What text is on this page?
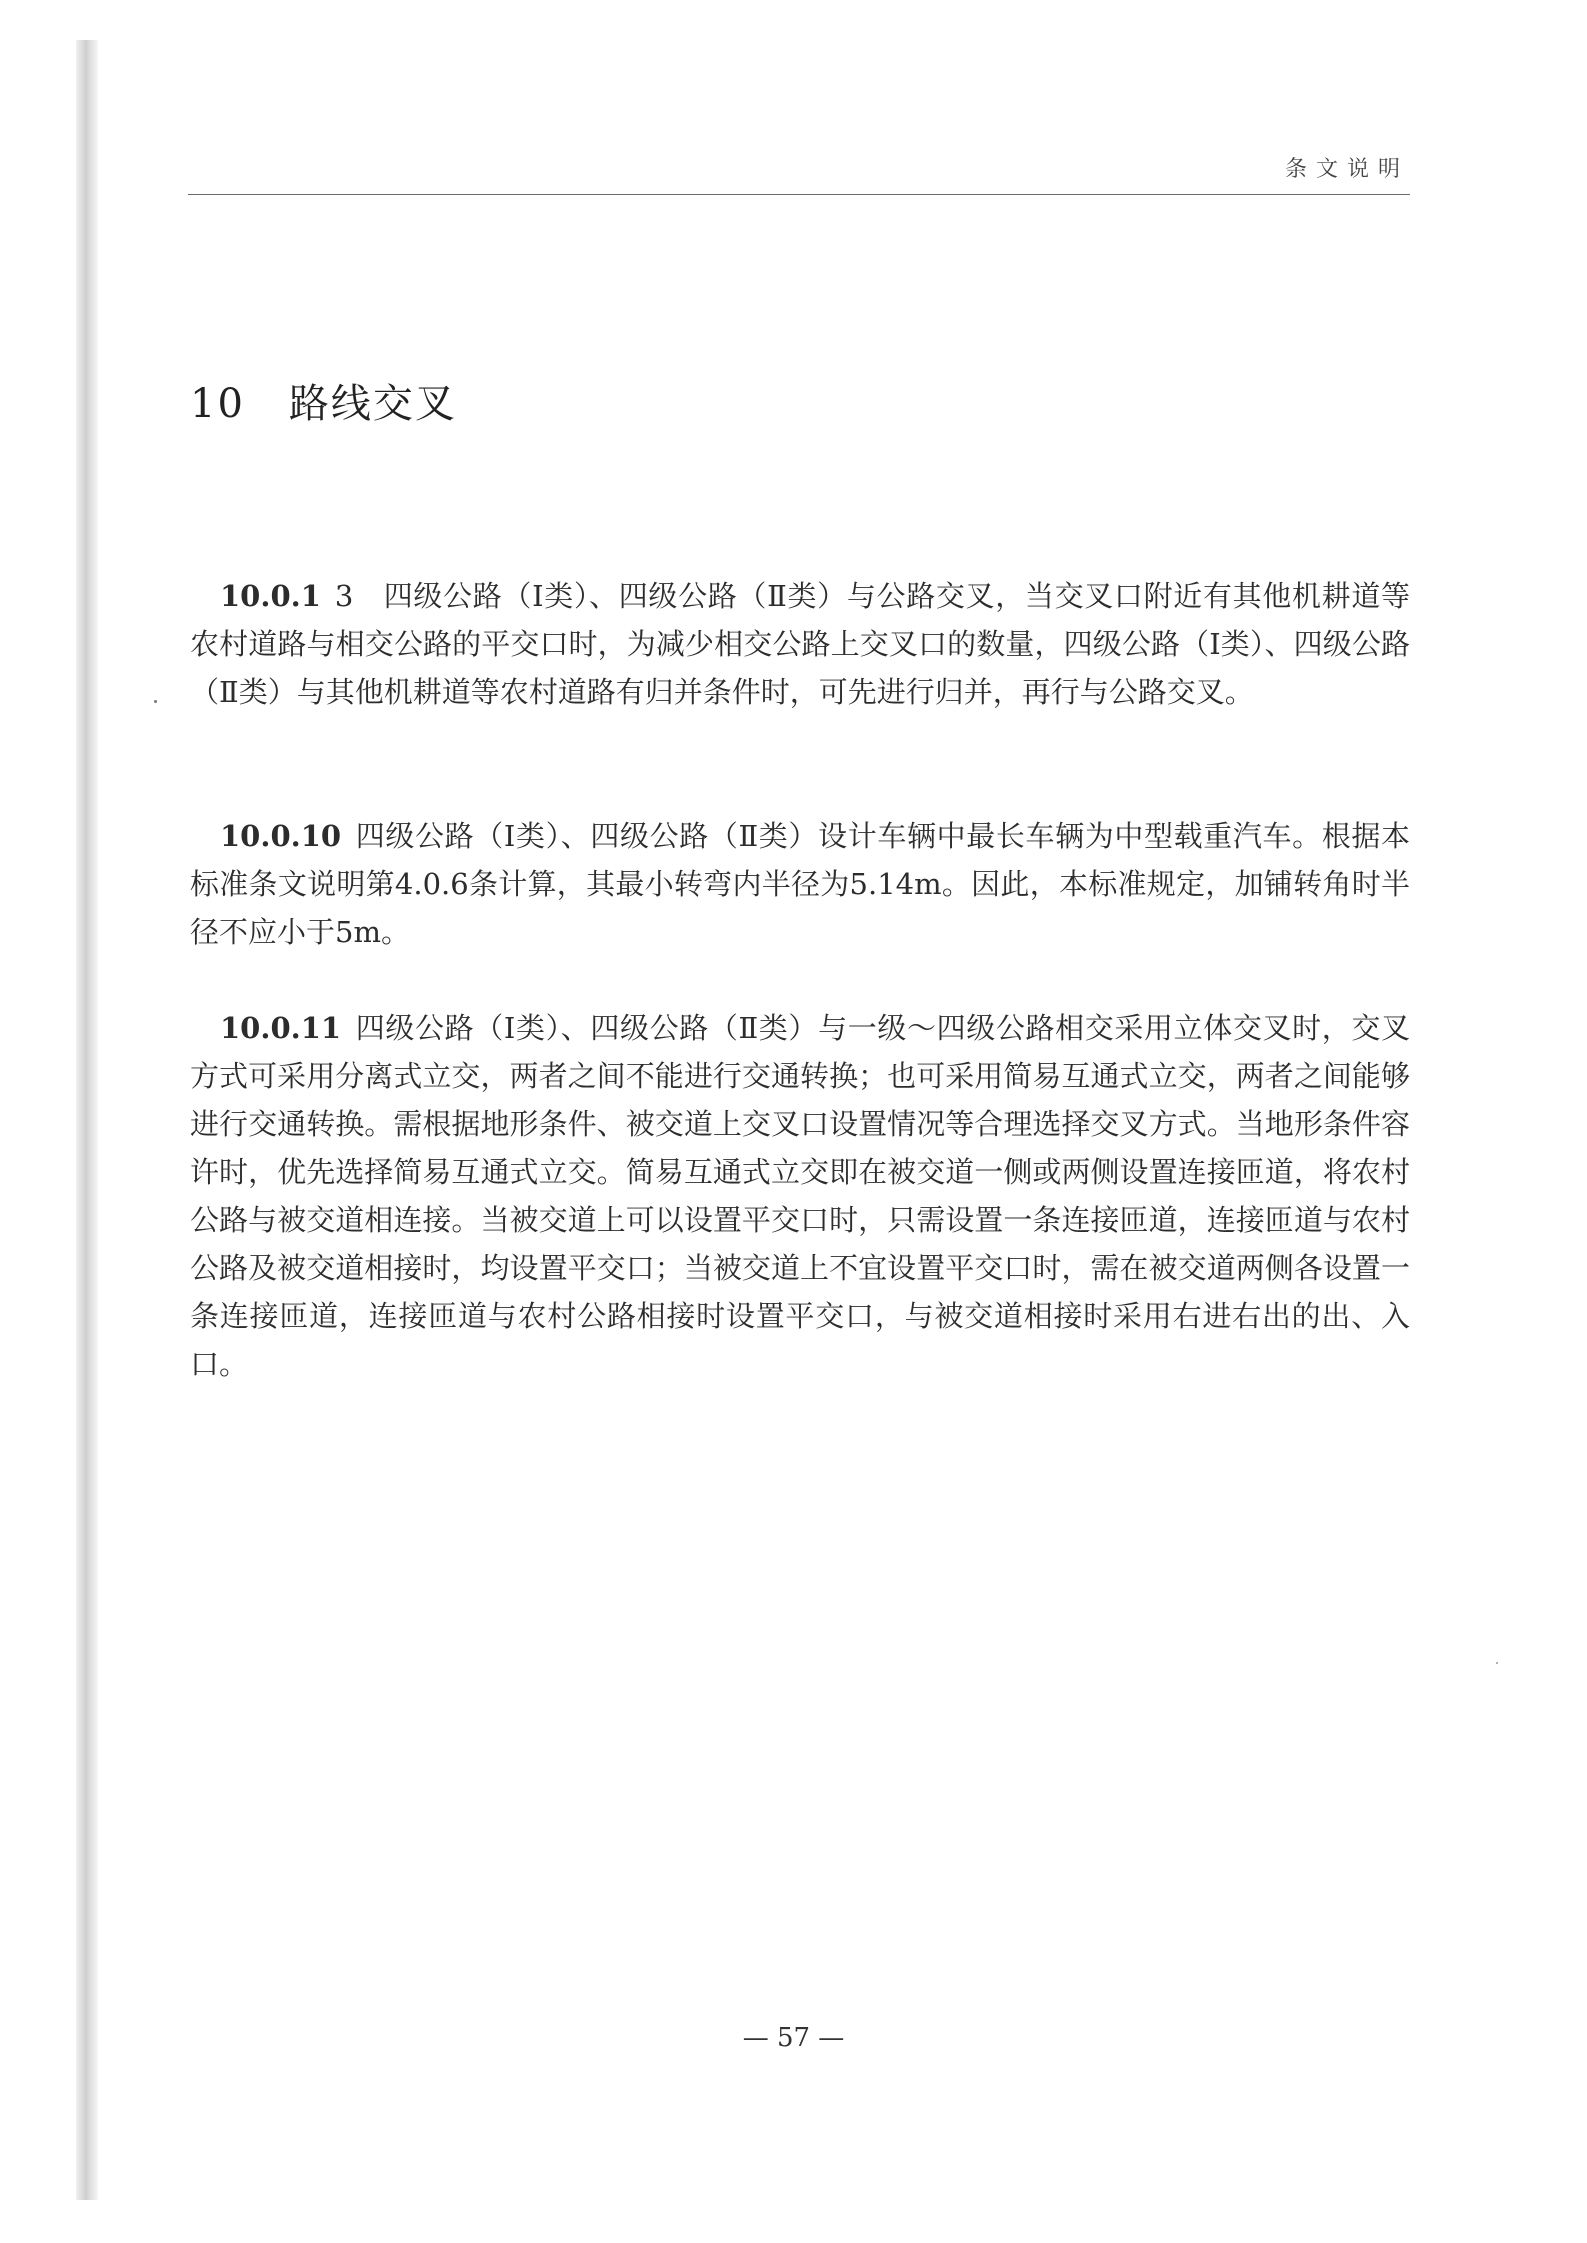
条文说明
10 路线交叉
10.0.1 3　四级公路（Ⅰ类）、四级公路（Ⅱ类）与公路交叉，当交叉口附近有其他机耕道等农村道路与相交公路的平交口时，为减少相交公路上交叉口的数量，四级公路（Ⅰ类）、四级公路（Ⅱ类）与其他机耕道等农村道路有归并条件时，可先进行归并，再行与公路交叉。
10.0.10 四级公路（Ⅰ类）、四级公路（Ⅱ类）设计车辆中最长车辆为中型载重汽车。根据本标准条文说明第4.0.6条计算，其最小转弯内半径为5.14m。因此，本标准规定，加铺转角时半径不应小于5m。
10.0.11 四级公路（Ⅰ类）、四级公路（Ⅱ类）与一级～四级公路相交采用立体交叉时，交叉方式可采用分离式立交，两者之间不能进行交通转换；也可采用简易互通式立交，两者之间能够进行交通转换。需根据地形条件、被交道上交叉口设置情况等合理选择交叉方式。当地形条件容许时，优先选择简易互通式立交。简易互通式立交即在被交道一侧或两侧设置连接匝道，将农村公路与被交道相连接。当被交道上可以设置平交口时，只需设置一条连接匝道，连接匝道与农村公路及被交道相接时，均设置平交口；当被交道上不宜设置平交口时，需在被交道两侧各设置一条连接匝道，连接匝道与农村公路相接时设置平交口，与被交道相接时采用右进右出的出、入口。
— 57 —
